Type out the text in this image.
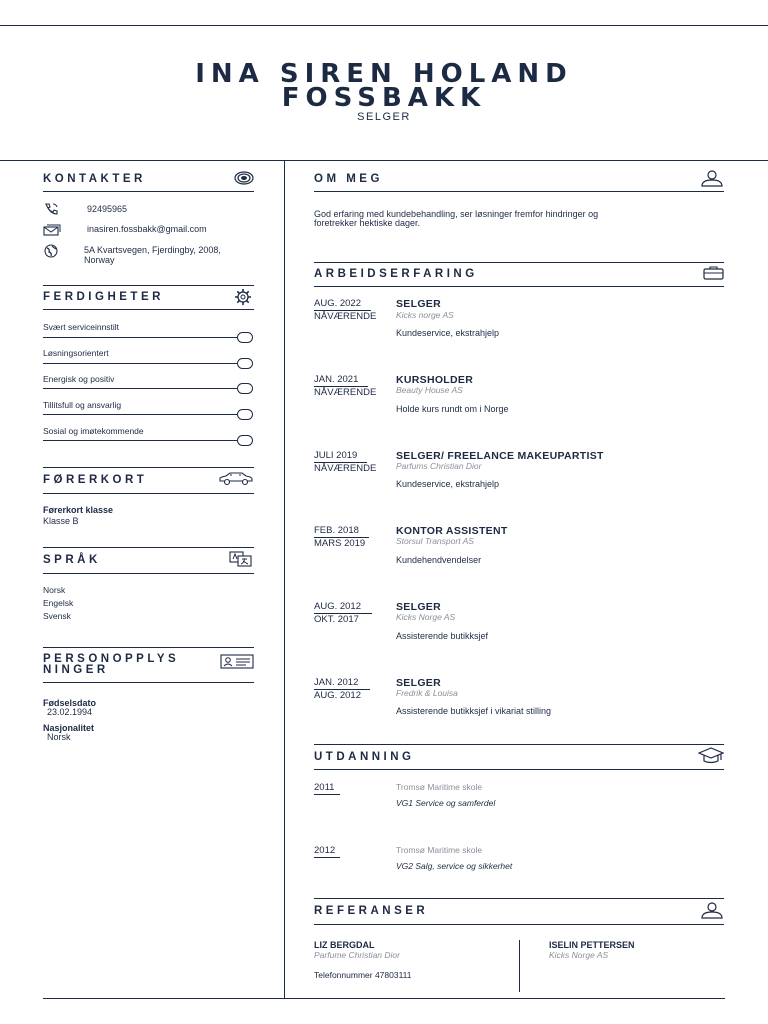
INA SIREN HOLAND
FOSSBAKK
SELGER
KONTAKTER
92495965
inasiren.fossbakk@gmail.com
5A Kvartsvegen, Fjerdingby, 2008,
Norway
FERDIGHETER
Svært serviceinnstilt
Løsningsorientert
Energisk og positiv
Tillitsfull og ansvarlig
Sosial og imøtekommende
FØRERKORT
Førerkort klasse
Klasse B
SPRÅK
Norsk
Engelsk
Svensk
PERSONOPPLYS
NINGER
Fødselsdato
23.02.1994
Nasjonalitet
Norsk
OM MEG
God erfaring med kundebehandling, ser løsninger fremfor hindringer og
foretrekker hektiske dager.
ARBEIDSERFARING
AUG. 2022
NÅVÆRENDE
SELGER
Kicks norge AS
Kundeservice, ekstrahjelp
JAN. 2021
NÅVÆRENDE
KURSHOLDER
Beauty House AS
Holde kurs rundt om i Norge
JULI 2019
NÅVÆRENDE
SELGER/ FREELANCE MAKEUPARTIST
Parfums Christian Dior
Kundeservice, ekstrahjelp
FEB. 2018
MARS 2019
KONTOR ASSISTENT
Storsul Transport AS
Kundehendvendelser
AUG. 2012
OKT. 2017
SELGER
Kicks Norge AS
Assisterende butikksjef
JAN. 2012
AUG. 2012
SELGER
Fredrik & Louisa
Assisterende butikksjef i vikariat stilling
UTDANNING
2011	Tromsø Maritime skole
VG1 Service og samferdel
2012	Tromsø Maritime skole
VG2 Salg, service og sikkerhet
REFERANSER
LIZ BERGDAL
Parfume Christian Dior
Telefonnummer 47803111
ISELIN PETTERSEN
Kicks Norge AS
